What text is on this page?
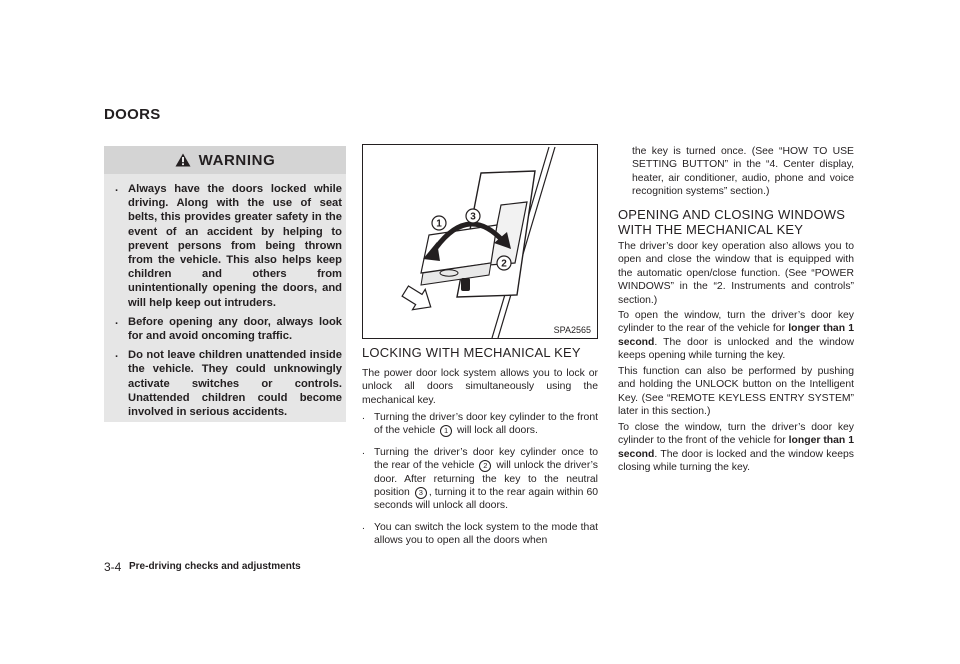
DOORS
WARNING
. Always have the doors locked while driving. Along with the use of seat belts, this provides greater safety in the event of an accident by helping to prevent persons from being thrown from the vehicle. This also helps keep children and others from unintentionally opening the doors, and will help keep out intruders.
. Before opening any door, always look for and avoid oncoming traffic.
. Do not leave children unattended inside the vehicle. They could unknowingly activate switches or controls. Unattended children could become involved in serious accidents.
1
2
3
SPA2565
LOCKING WITH MECHANICAL KEY

The power door lock system allows you to lock or unlock all doors simultaneously using the mechanical key.

. Turning the driver’s door key cylinder to the front of the vehicle 1 will lock all doors.
. Turning the driver’s door key cylinder once to the rear of the vehicle 2 will unlock the driver’s door. After returning the key to the neutral position 3 , turning it to the rear again within 60 seconds will unlock all doors.
. You can switch the lock system to the mode that allows you to open all the doors when

the key is turned once. (See “HOW TO USE SETTING BUTTON” in the “4. Center display, heater, air conditioner, audio, phone and voice recognition systems” section.)

OPENING AND CLOSING WINDOWS
WITH THE MECHANICAL KEY

The driver’s door key operation also allows you to open and close the window that is equipped with the automatic open/close function. (See “POWER WINDOWS” in the “2. Instruments and controls” section.)

To open the window, turn the driver’s door key cylinder to the rear of the vehicle for longer than 1 second. The door is unlocked and the window keeps opening while turning the key.

This function can also be performed by pushing and holding the UNLOCK button on the Intelligent Key. (See “REMOTE KEYLESS ENTRY SYSTEM” later in this section.)

To close the window, turn the driver’s door key cylinder to the front of the vehicle for longer than 1 second. The door is locked and the window keeps closing while turning the key.

3-4 Pre-driving checks and adjustments
